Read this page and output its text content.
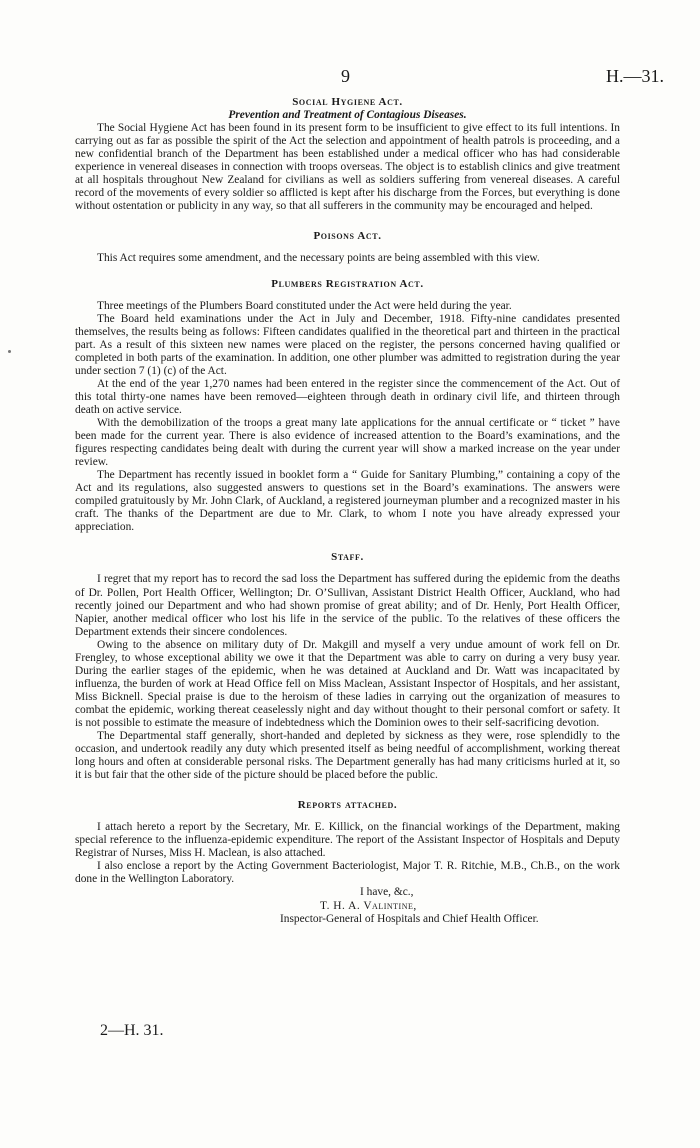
9	H.—31.
Social Hygiene Act.
Prevention and Treatment of Contagious Diseases.

The Social Hygiene Act has been found in its present form to be insufficient to give effect to its full intentions. In carrying out as far as possible the spirit of the Act the selection and appointment of health patrols is proceeding, and a new confidential branch of the Department has been established under a medical officer who has had considerable experience in venereal diseases in connection with troops overseas. The object is to establish clinics and give treatment at all hospitals throughout New Zealand for civilians as well as soldiers suffering from venereal diseases. A careful record of the movements of every soldier so afflicted is kept after his discharge from the Forces, but everything is done without ostentation or publicity in any way, so that all sufferers in the community may be encouraged and helped.

Poisons Act.

This Act requires some amendment, and the necessary points are being assembled with this view.

Plumbers Registration Act.

Three meetings of the Plumbers Board constituted under the Act were held during the year.

The Board held examinations under the Act in July and December, 1918. Fifty-nine candidates presented themselves, the results being as follows: Fifteen candidates qualified in the theoretical part and thirteen in the practical part. As a result of this sixteen new names were placed on the register, the persons concerned having qualified or completed in both parts of the examination. In addition, one other plumber was admitted to registration during the year under section 7 (1) (c) of the Act.

At the end of the year 1,270 names had been entered in the register since the commencement of the Act. Out of this total thirty-one names have been removed—eighteen through death in ordinary civil life, and thirteen through death on active service.

With the demobilization of the troops a great many late applications for the annual certificate or “ ticket ” have been made for the current year. There is also evidence of increased attention to the Board’s examinations, and the figures respecting candidates being dealt with during the current year will show a marked increase on the year under review.

The Department has recently issued in booklet form a “ Guide for Sanitary Plumbing,” containing a copy of the Act and its regulations, also suggested answers to questions set in the Board’s examinations. The answers were compiled gratuitously by Mr. John Clark, of Auckland, a registered journeyman plumber and a recognized master in his craft. The thanks of the Department are due to Mr. Clark, to whom I note you have already expressed your appreciation.

Staff.

I regret that my report has to record the sad loss the Department has suffered during the epidemic from the deaths of Dr. Pollen, Port Health Officer, Wellington; Dr. O’Sullivan, Assistant District Health Officer, Auckland, who had recently joined our Department and who had shown promise of great ability; and of Dr. Henly, Port Health Officer, Napier, another medical officer who lost his life in the service of the public. To the relatives of these officers the Department extends their sincere condolences.

Owing to the absence on military duty of Dr. Makgill and myself a very undue amount of work fell on Dr. Frengley, to whose exceptional ability we owe it that the Department was able to carry on during a very busy year. During the earlier stages of the epidemic, when he was detained at Auckland and Dr. Watt was incapacitated by influenza, the burden of work at Head Office fell on Miss Maclean, Assistant Inspector of Hospitals, and her assistant, Miss Bicknell. Special praise is due to the heroism of these ladies in carrying out the organization of measures to combat the epidemic, working thereat ceaselessly night and day without thought to their personal comfort or safety. It is not possible to estimate the measure of indebtedness which the Dominion owes to their self-sacrificing devotion.

The Departmental staff generally, short-handed and depleted by sickness as they were, rose splendidly to the occasion, and undertook readily any duty which presented itself as being needful of accomplishment, working thereat long hours and often at considerable personal risks. The Department generally has had many criticisms hurled at it, so it is but fair that the other side of the picture should be placed before the public.

Reports attached.

I attach hereto a report by the Secretary, Mr. E. Killick, on the financial workings of the Department, making special reference to the influenza-epidemic expenditure. The report of the Assistant Inspector of Hospitals and Deputy Registrar of Nurses, Miss H. Maclean, is also attached.

I also enclose a report by the Acting Government Bacteriologist, Major T. R. Ritchie, M.B., Ch.B., on the work done in the Wellington Laboratory.

I have, &c.,
T. H. A. Valintine,
Inspector-General of Hospitals and Chief Health Officer.
2—H. 31.
